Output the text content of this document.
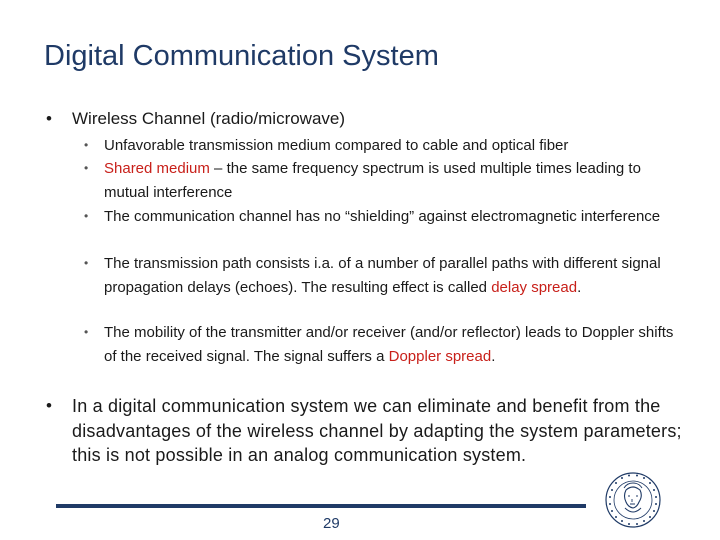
Digital Communication System
• Wireless Channel (radio/microwave)
• Unfavorable transmission medium compared to cable and optical fiber
• Shared medium – the same frequency spectrum is used multiple times leading to mutual interference
• The communication channel has no “shielding” against electromagnetic interference
• The transmission path consists i.a. of a number of parallel paths with different signal propagation delays (echoes). The resulting effect is called delay spread.
• The mobility of the transmitter and/or receiver (and/or reflector) leads to Doppler shifts of the received signal. The signal suffers a Doppler spread.
• In a digital communication system we can eliminate and benefit from the disadvantages of the wireless channel by adapting the system parameters; this is not possible in an analog communication system.
29
